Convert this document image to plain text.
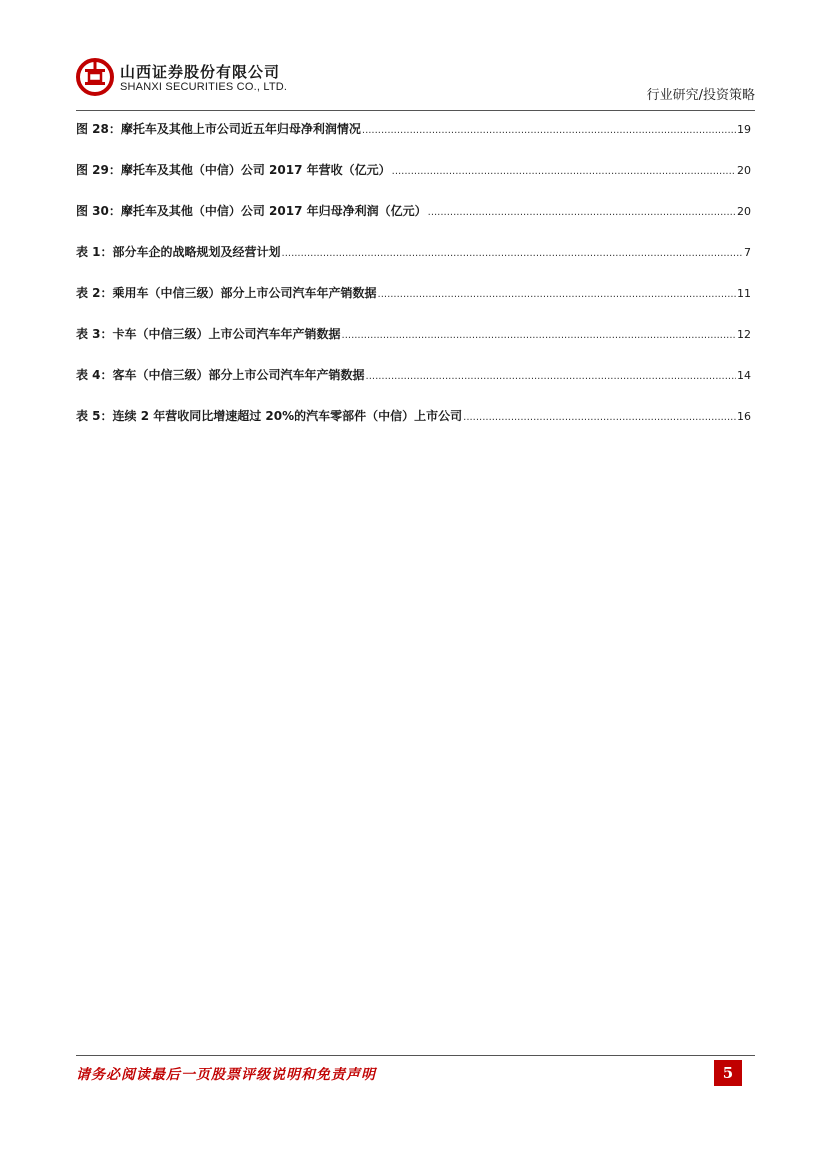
山西证券股份有限公司
SHANXI SECURITIES CO., LTD.
行业研究/投资策略
图 28：摩托车及其他上市公司近五年归母净利润情况 .....	19
图 29：摩托车及其他（中信）公司 2017 年营收（亿元） .....	20
图 30：摩托车及其他（中信）公司 2017 年归母净利润（亿元） .....	20
表 1：部分车企的战略规划及经营计划 .....	7
表 2：乘用车（中信三级）部分上市公司汽车年产销数据 .....	11
表 3：卡车（中信三级）上市公司汽车年产销数据 .....	12
表 4：客车（中信三级）部分上市公司汽车年产销数据 .....	14
表 5：连续 2 年营收同比增速超过 20%的汽车零部件（中信）上市公司 .....	16
请务必阅读最后一页股票评级说明和免责声明	5
